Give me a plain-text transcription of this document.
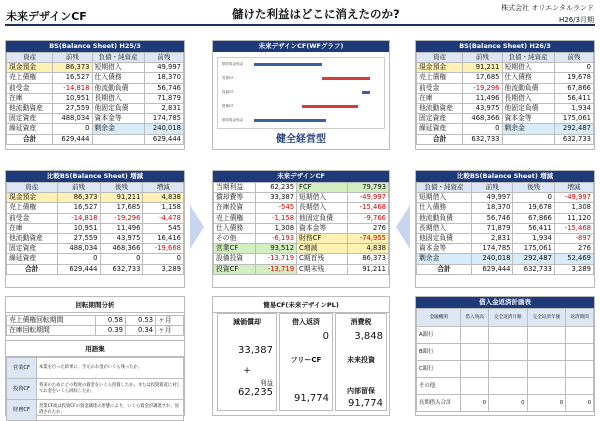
未来デザインCF	儲けた利益はどこに消えたのか?	株式会社 オリエンタルランド
H26/3月期
BS(Balance Sheet) H25/3
資産	前残	負債・純資産	前残
現金預金	86,373	短期借入	49,997
売上債権	16,527	仕入債務	18,370
前受金	-14,818	他流動負債	56,746
在庫	10,951	長期借入	71,879
他流動資産	27,559	他固定負債	2,831
固定資産	488,034	資本金等	174,785
繰延資産	0	剰余金	240,018
合計	629,444		629,444
未来デザインCF(WFグラフ)
期首現金預金
営業CF
投資CF
財務CF
期末現金預金
健全経営型
BS(Balance Sheet) H26/3
資産	前残	負債・純資産	前残
現金預金	91,211	短期借入	0
売上債権	17,685	仕入債務	19,678
前受金	-19,296	他流動負債	67,866
在庫	11,496	長期借入	56,411
他流動資産	43,975	他固定負債	1,934
固定資産	468,366	資本金等	175,061
繰延資産	0	剰余金	292,487
合計	632,733		632,733
比較BS(Balance Sheet) 増減
資産	前残	後残	増減
現金預金	86,373	91,211	4,838
売上債権	16,527	17,685	1,158
前受金	-14,818	-19,296	-4,478
在庫	10,951	11,496	545
他流動資産	27,559	43,975	16,416
固定資産	488,034	468,366	-19,668
繰延資産	0	0	0
合計	629,444	632,733	3,289
未来デザインCF
当期利益	62,235	FCF	79,793
償却費等	33,387	短期借入	-49,997
在庫投資	-545	長期借入	-15,468
売上債権	-1,158	他固定負債	-9,766
仕入債務	1,308	資本金等	276
その他	-6,193	財務CF	-74,955
営業CF	93,512	C増減	4,838
設備投資	-13,719	C期首残	86,373
投資CF	-13,719	C期末残	91,211
比較BS(Balance Sheet) 増減
負債・純資産	前残	後残	増減
短期借入	49,997	0	-49,997
仕入債務	18,370	19,678	1,308
他流動負債	56,746	67,866	11,120
長期借入	71,879	56,411	-15,468
他固定負債	2,831	1,934	-897
資本金等	174,785	175,061	276
剰余金	240,018	292,487	52,469
合計	629,444	632,733	3,289
回転期間分析
売上債権回転期間	0.58	0.53	ヶ月
在庫回転期間	0.39	0.34	ヶ月
用語集
営業CF	本業を行った結果に、手元のお金がいくら残ったか。
投資CF	将来のためにどの程度の資金をいくら投資したか。または投資資産に対してお金をいくら回収したか。
財務CF	営業CF或は投資CFの資金調達の形態により、いくら資金が調達され、返済されたか。
簡易CF(未来デザインPL)
減価償却
33,387
+
利益
62,235
借入返済
0
フリーCF
91,774
消費税
3,848
未来投資
内部留保
91,774
借入金返済計画表
金融機関	借入残高	完全返済月額	完全返済年額	返済期間
A銀行				
B銀行				
C銀行				
その他				
長期借入合計	0	0	0	0
